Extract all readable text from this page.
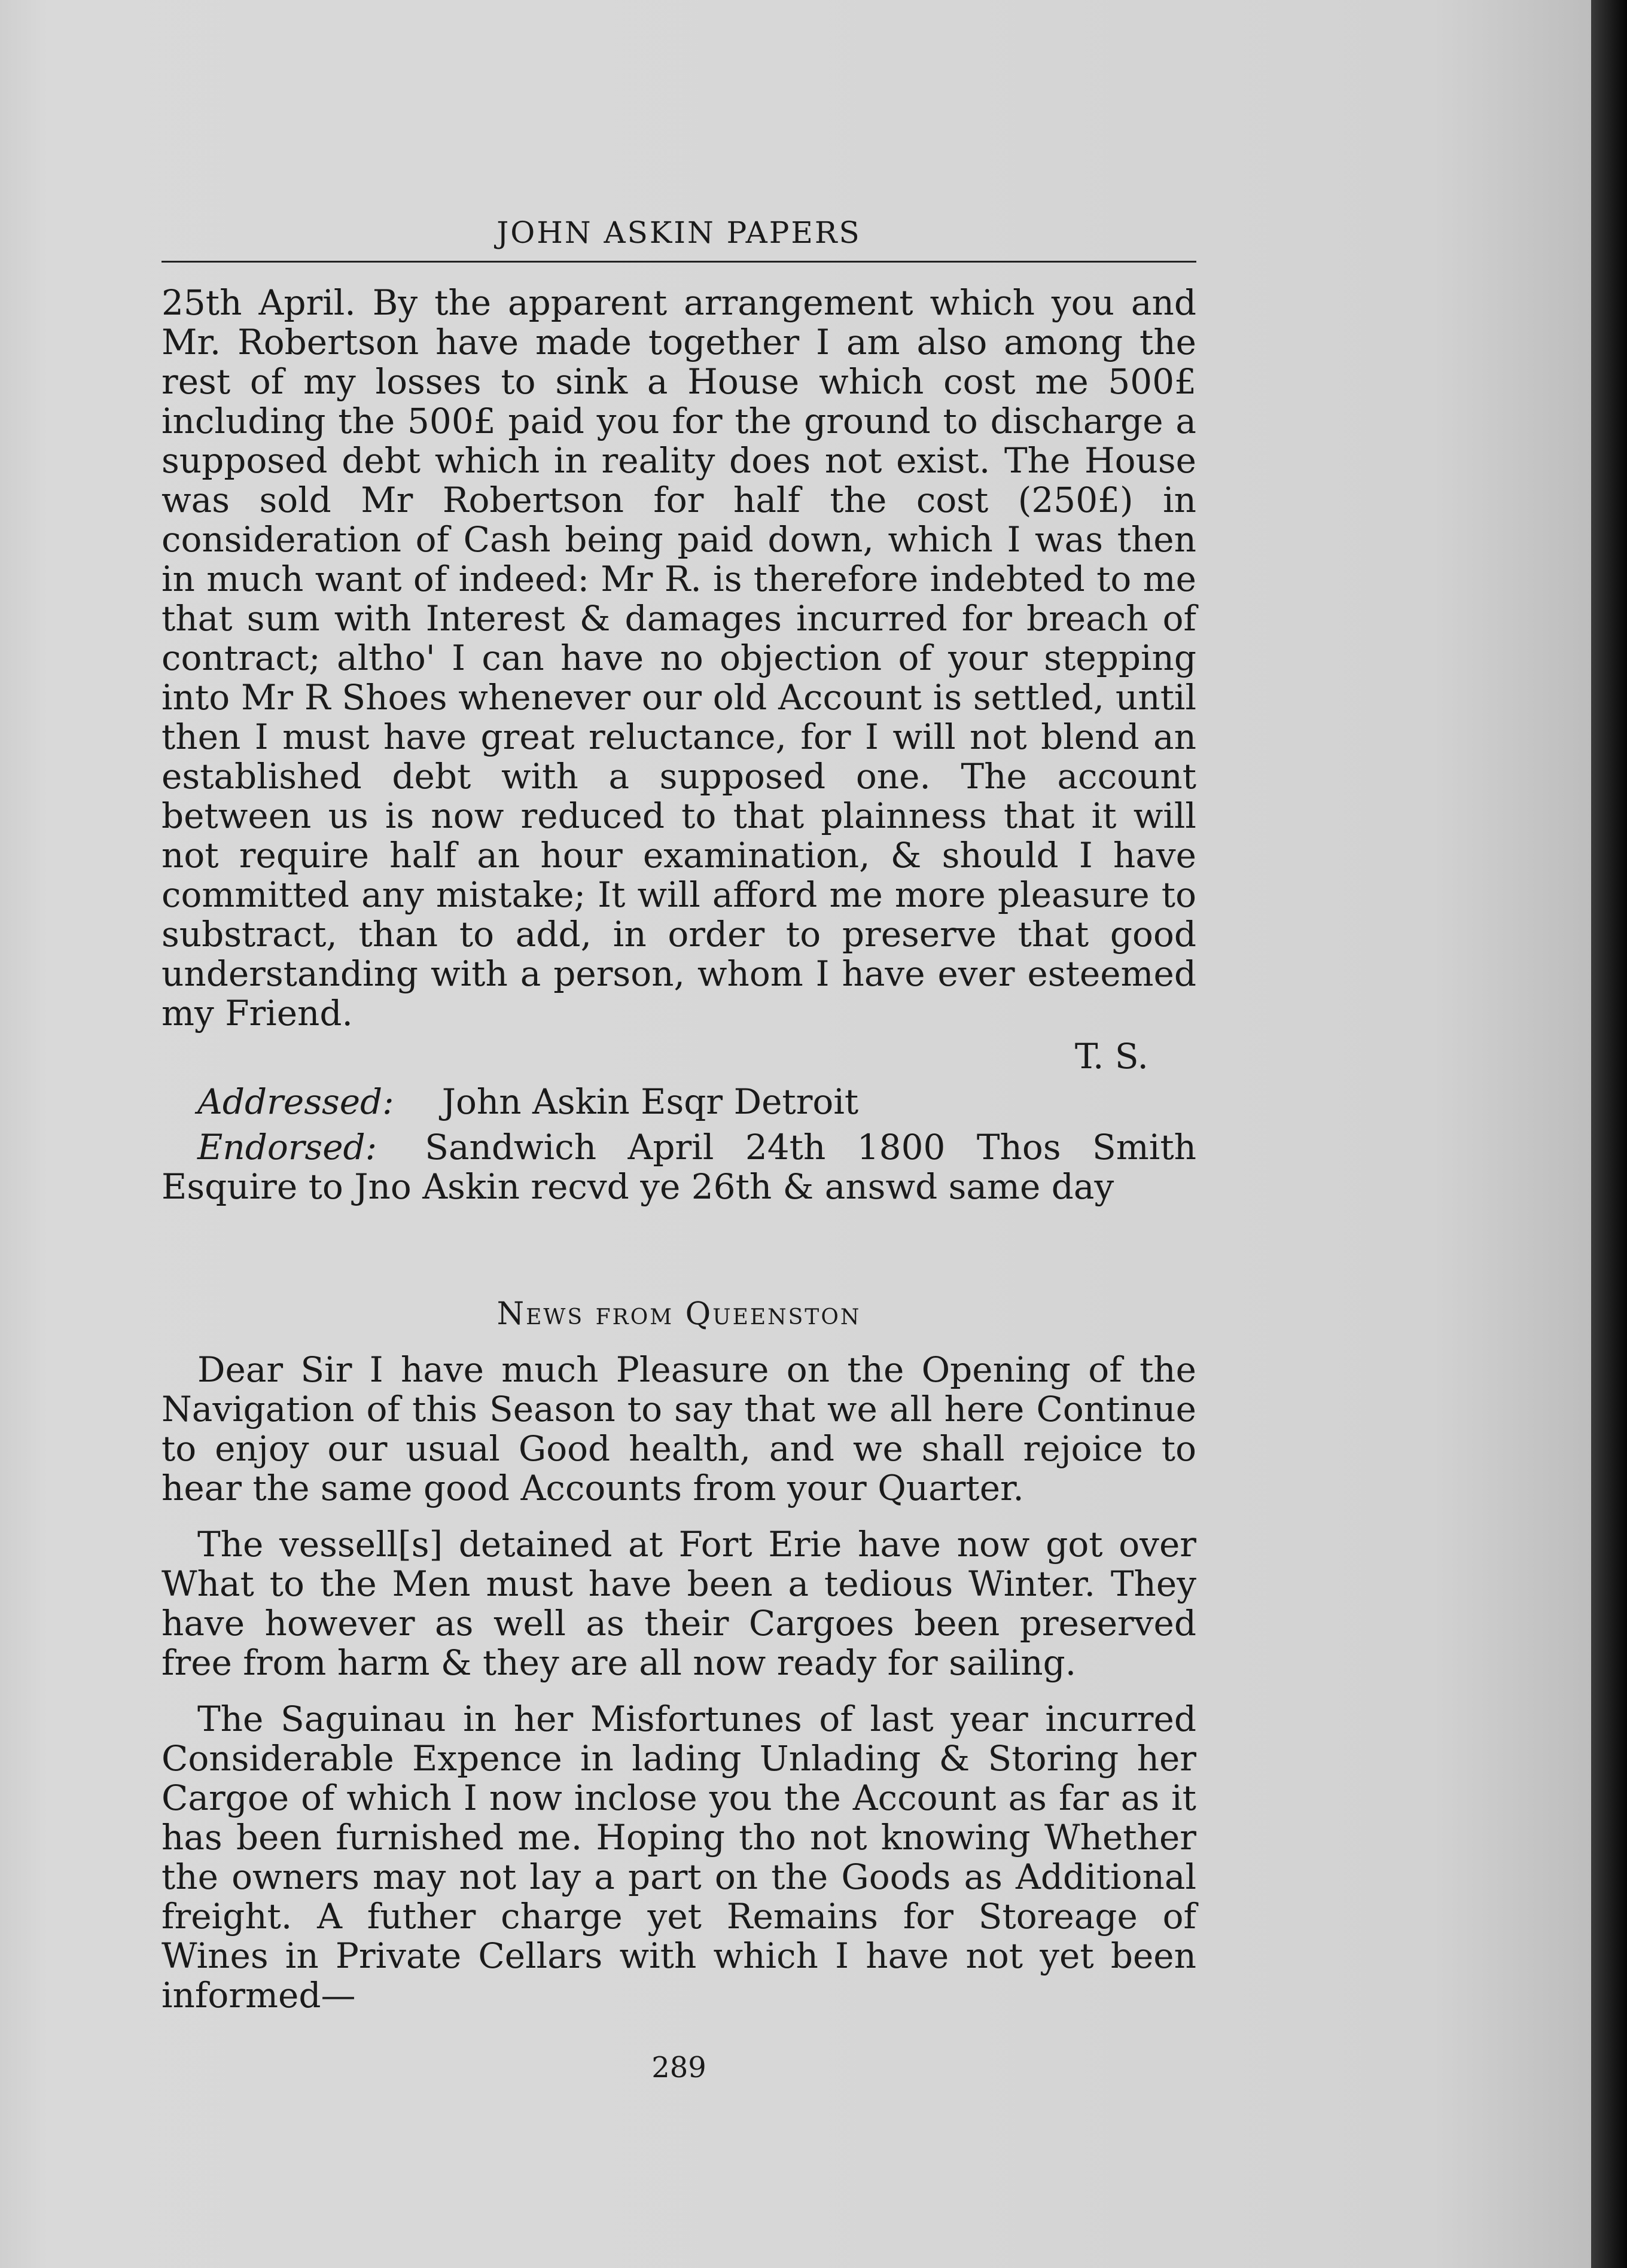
JOHN ASKIN PAPERS

25th April. By the apparent arrangement which you and Mr. Robertson have made together I am also among the rest of my losses to sink a House which cost me 500£ including the 500£ paid you for the ground to discharge a supposed debt which in reality does not exist. The House was sold Mr Robertson for half the cost (250£) in consideration of Cash being paid down, which I was then in much want of indeed: Mr R. is therefore indebted to me that sum with Interest & damages incurred for breach of contract; altho' I can have no objection of your stepping into Mr R Shoes whenever our old Account is settled, until then I must have great reluctance, for I will not blend an established debt with a supposed one. The account between us is now reduced to that plainness that it will not require half an hour examination, & should I have committed any mistake; It will afford me more pleasure to substract, than to add, in order to preserve that good understanding with a person, whom I have ever esteemed my Friend.

T. S.
Addressed: John Askin Esqr Detroit
Endorsed: Sandwich April 24th 1800 Thos Smith Esquire to Jno Askin recvd ye 26th & answd same day
News from Queenston

Dear Sir I have much Pleasure on the Opening of the Navigation of this Season to say that we all here Continue to enjoy our usual Good health, and we shall rejoice to hear the same good Accounts from your Quarter.

The vessell[s] detained at Fort Erie have now got over What to the Men must have been a tedious Winter. They have however as well as their Cargoes been preserved free from harm & they are all now ready for sailing.

The Saguinau in her Misfortunes of last year incurred Considerable Expence in lading Unlading & Storing her Cargoe of which I now inclose you the Account as far as it has been furnished me. Hoping tho not knowing Whether the owners may not lay a part on the Goods as Additional freight. A futher charge yet Remains for Storeage of Wines in Private Cellars with which I have not yet been informed—

289
